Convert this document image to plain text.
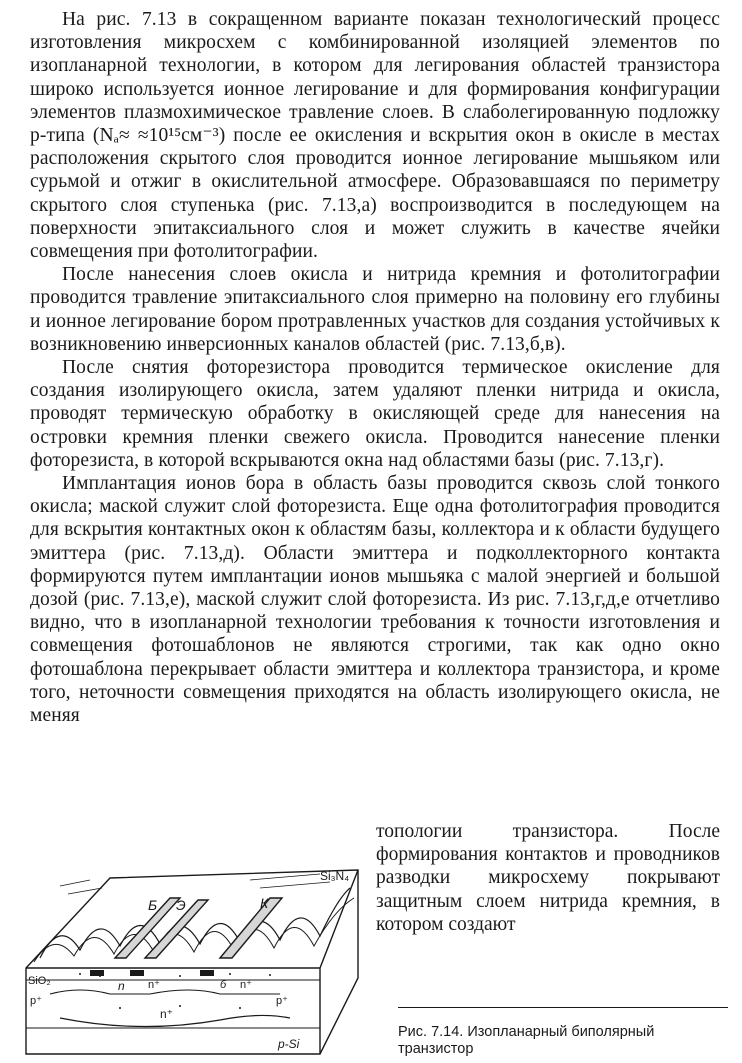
На рис. 7.13 в сокращенном варианте показан технологический процесс изготовления микросхем с комбинированной изоляцией элементов по изопланарной технологии, в котором для легирования областей транзистора широко используется ионное легирование и для формирования конфигурации элементов плазмохимическое травление слоев. В слаболегированную подложку p-типа (Nₐ≈ ≈10¹⁵см⁻³) после ее окисления и вскрытия окон в окисле в местах расположения скрытого слоя проводится ионное легирование мышьяком или сурьмой и отжиг в окислительной атмосфере. Образовавшаяся по периметру скрытого слоя ступенька (рис. 7.13,а) воспроизводится в последующем на поверхности эпитаксиального слоя и может служить в качестве ячейки совмещения при фотолитографии.

После нанесения слоев окисла и нитрида кремния и фотолитографии проводится травление эпитаксиального слоя примерно на половину его глубины и ионное легирование бором протравленных участков для создания устойчивых к возникновению инверсионных каналов областей (рис. 7.13,б,в).

После снятия фоторезистора проводится термическое окисление для создания изолирующего окисла, затем удаляют пленки нитрида и окисла, проводят термическую обработку в окисляющей среде для нанесения на островки кремния пленки свежего окисла. Проводится нанесение пленки фоторезиста, в которой вскрываются окна над областями базы (рис. 7.13,г).

Имплантация ионов бора в область базы проводится сквозь слой тонкого окисла; маской служит слой фоторезиста. Еще одна фотолитография проводится для вскрытия контактных окон к областям базы, коллектора и к области будущего эмиттера (рис. 7.13,д). Области эмиттера и подколлекторного контакта формируются путем имплантации ионов мышьяка с малой энергией и большой дозой (рис. 7.13,е), маской служит слой фоторезиста. Из рис. 7.13,г,д,е отчетливо видно, что в изопланарной технологии требования к точности изготовления и совмещения фотошаблонов не являются строгими, так как одно окно фотошаблона перекрывает области эмиттера и коллектора транзистора, и кроме того, неточности совмещения приходятся на область изолирующего окисла, не меняя

топологии транзистора. После формирования контактов и проводников разводки микросхему покрывают защитным слоем нитрида кремния, в котором создают

Б Э	К
Si₃N₄
SiO₂
p⁺	p⁺
n n⁺
n⁺
б n⁺
p-Si
Рис. 7.14. Изопланарный биполярный транзистор
